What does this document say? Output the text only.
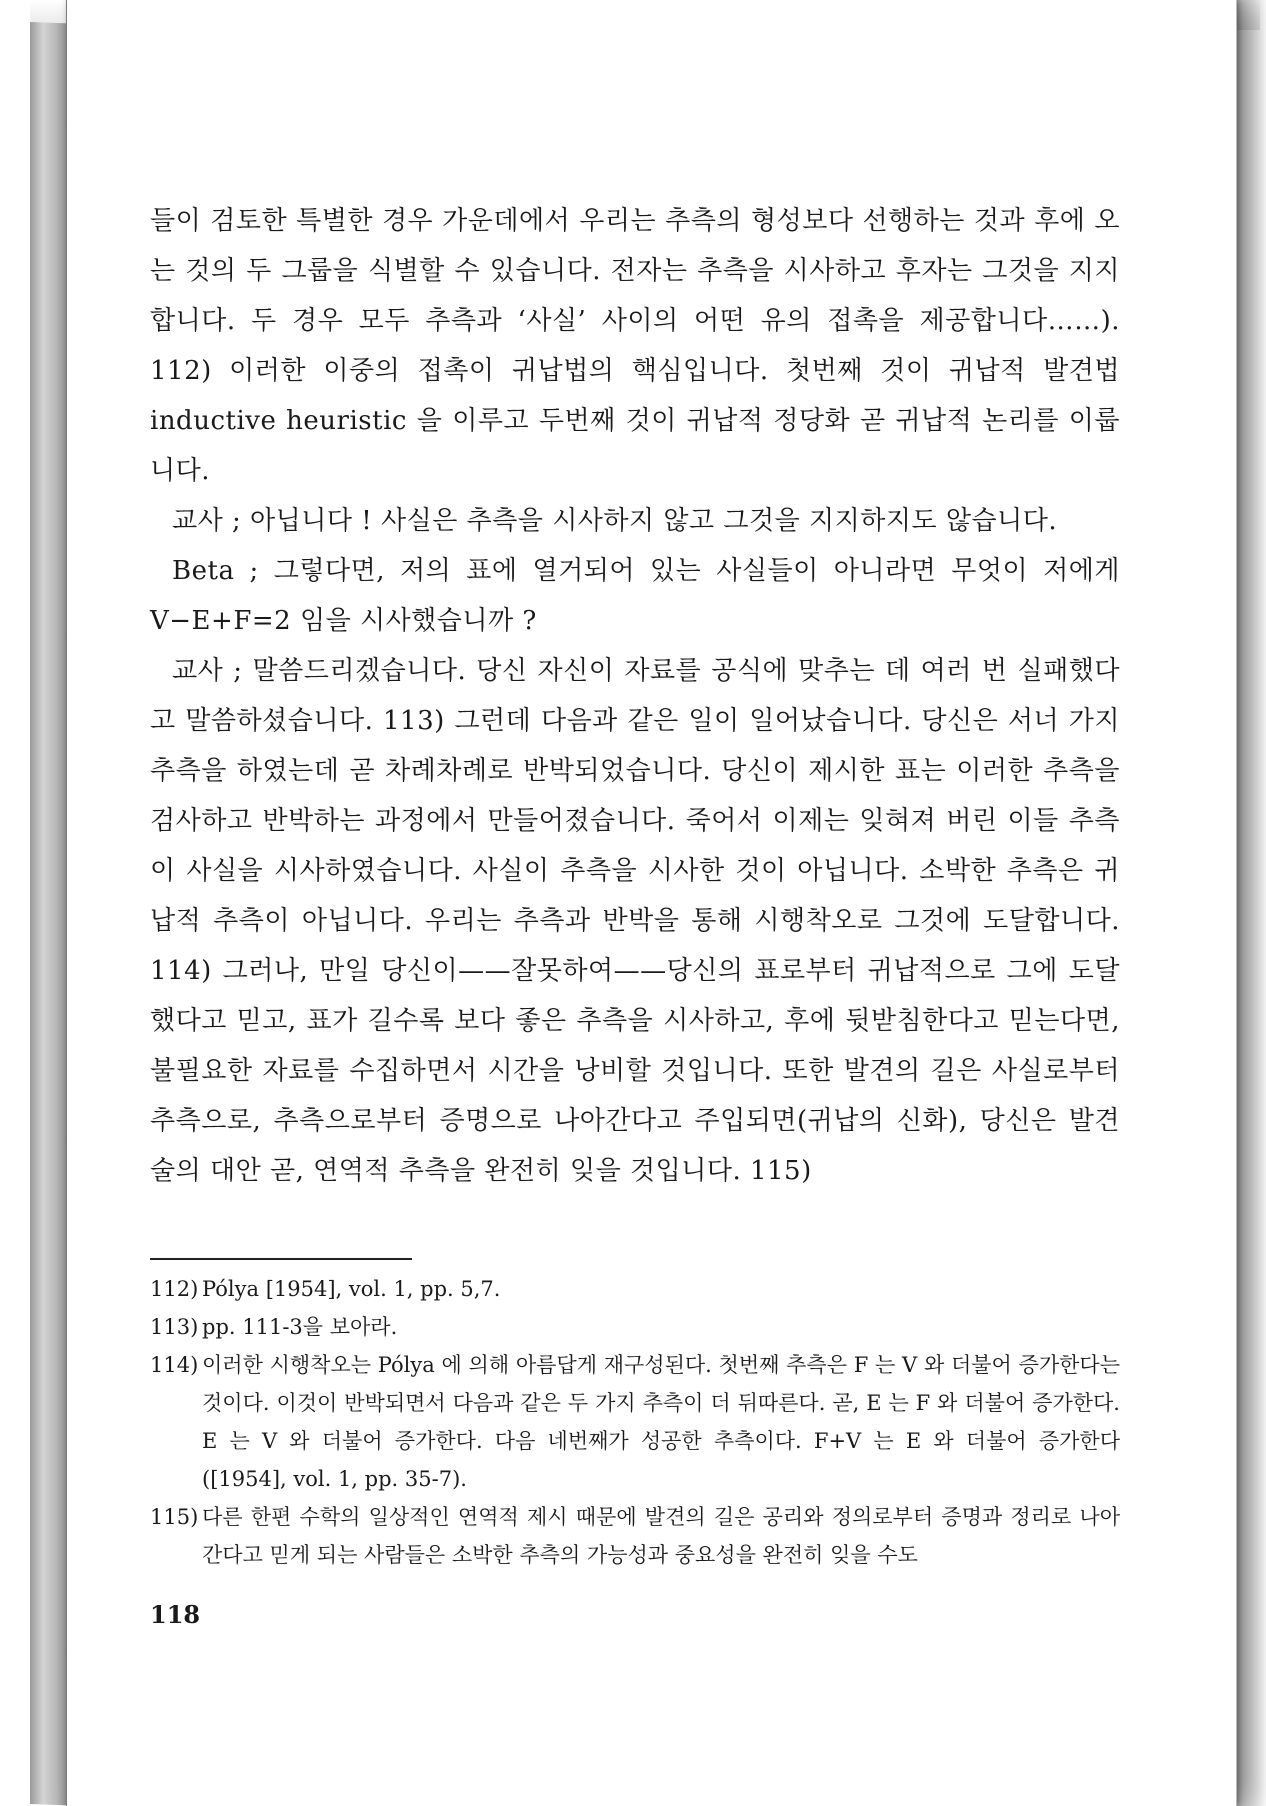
들이 검토한 특별한 경우 가운데에서 우리는 추측의 형성보다 선행하는 것과 후에 오는 것의 두 그룹을 식별할 수 있습니다. 전자는 추측을 시사하고 후자는 그것을 지지합니다. 두 경우 모두 추측과 ‘사실’ 사이의 어떤 유의 접촉을 제공합니다……). 112) 이러한 이중의 접촉이 귀납법의 핵심입니다. 첫번째 것이 귀납적 발견법 inductive heuristic 을 이루고 두번째 것이 귀납적 정당화 곧 귀납적 논리를 이룹니다.

교사 ; 아닙니다 ! 사실은 추측을 시사하지 않고 그것을 지지하지도 않습니다.

Beta ; 그렇다면, 저의 표에 열거되어 있는 사실들이 아니라면 무엇이 저에게 V−E+F=2 임을 시사했습니까 ?

교사 ; 말씀드리겠습니다. 당신 자신이 자료를 공식에 맞추는 데 여러 번 실패했다고 말씀하셨습니다. 113) 그런데 다음과 같은 일이 일어났습니다. 당신은 서너 가지 추측을 하였는데 곧 차례차례로 반박되었습니다. 당신이 제시한 표는 이러한 추측을 검사하고 반박하는 과정에서 만들어졌습니다. 죽어서 이제는 잊혀져 버린 이들 추측이 사실을 시사하였습니다. 사실이 추측을 시사한 것이 아닙니다. 소박한 추측은 귀납적 추측이 아닙니다. 우리는 추측과 반박을 통해 시행착오로 그것에 도달합니다. 114) 그러나, 만일 당신이——잘못하여——당신의 표로부터 귀납적으로 그에 도달했다고 믿고, 표가 길수록 보다 좋은 추측을 시사하고, 후에 뒷받침한다고 믿는다면, 불필요한 자료를 수집하면서 시간을 낭비할 것입니다. 또한 발견의 길은 사실로부터 추측으로, 추측으로부터 증명으로 나아간다고 주입되면(귀납의 신화), 당신은 발견술의 대안 곧, 연역적 추측을 완전히 잊을 것입니다. 115)

112) Pólya [1954], vol. 1, pp. 5,7.
113) pp. 111-3을 보아라.
114) 이러한 시행착오는 Pólya 에 의해 아름답게 재구성된다. 첫번째 추측은 F 는 V 와 더불어 증가한다는 것이다. 이것이 반박되면서 다음과 같은 두 가지 추측이 더 뒤따른다. 곧, E 는 F 와 더불어 증가한다. E 는 V 와 더불어 증가한다. 다음 네번째가 성공한 추측이다. F+V 는 E 와 더불어 증가한다([1954], vol. 1, pp. 35-7).
115) 다른 한편 수학의 일상적인 연역적 제시 때문에 발견의 길은 공리와 정의로부터 증명과 정리로 나아간다고 믿게 되는 사람들은 소박한 추측의 가능성과 중요성을 완전히 잊을 수도
118
